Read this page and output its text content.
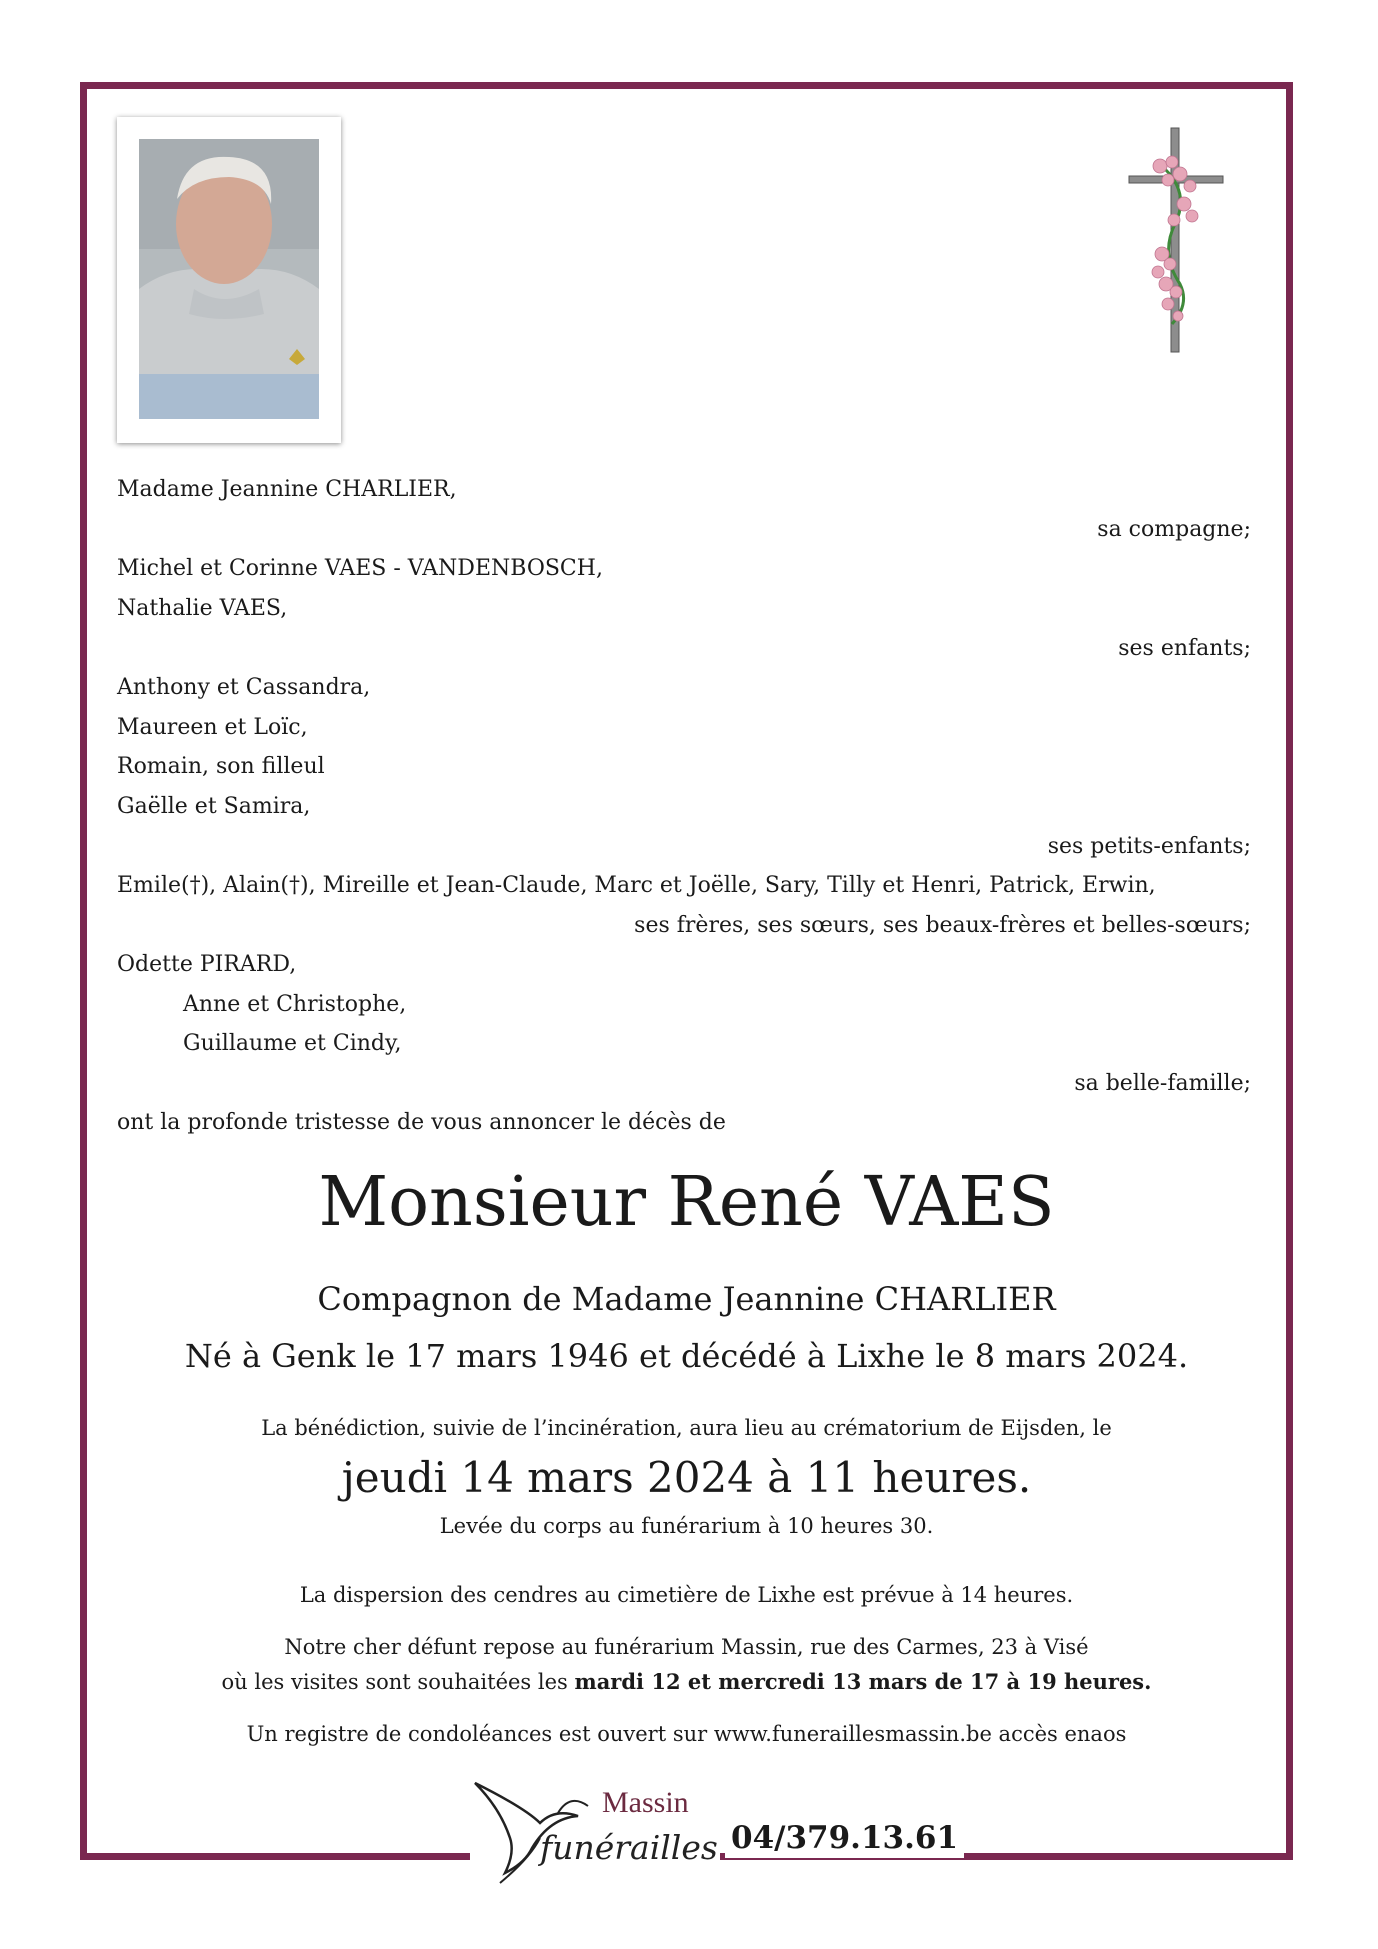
Madame Jeannine CHARLIER,
sa compagne;
Michel et Corinne VAES - VANDENBOSCH,
Nathalie VAES,
ses enfants;
Anthony et Cassandra,
Maureen et Loïc,
Romain, son filleul
Gaëlle et Samira,
ses petits-enfants;
Emile(†), Alain(†), Mireille et Jean-Claude, Marc et Joëlle, Sary, Tilly et Henri, Patrick, Erwin,
ses frères, ses sœurs, ses beaux-frères et belles-sœurs;
Odette PIRARD,
Anne et Christophe,
Guillaume et Cindy,
sa belle-famille;
ont la profonde tristesse de vous annoncer le décès de
Monsieur René VAES
Compagnon de Madame Jeannine CHARLIER
Né à Genk le 17 mars 1946 et décédé à Lixhe le 8 mars 2024.
La bénédiction, suivie de l’incinération, aura lieu au crématorium de Eijsden, le
jeudi 14 mars 2024 à 11 heures.
Levée du corps au funérarium à 10 heures 30.
La dispersion des cendres au cimetière de Lixhe est prévue à 14 heures.
Notre cher défunt repose au funérarium Massin, rue des Carmes, 23 à Visé
où les visites sont souhaitées les mardi 12 et mercredi 13 mars de 17 à 19 heures.
Un registre de condoléances est ouvert sur www.funeraillesmassin.be accès enaos
Massin
funérailles 04/379.13.61
